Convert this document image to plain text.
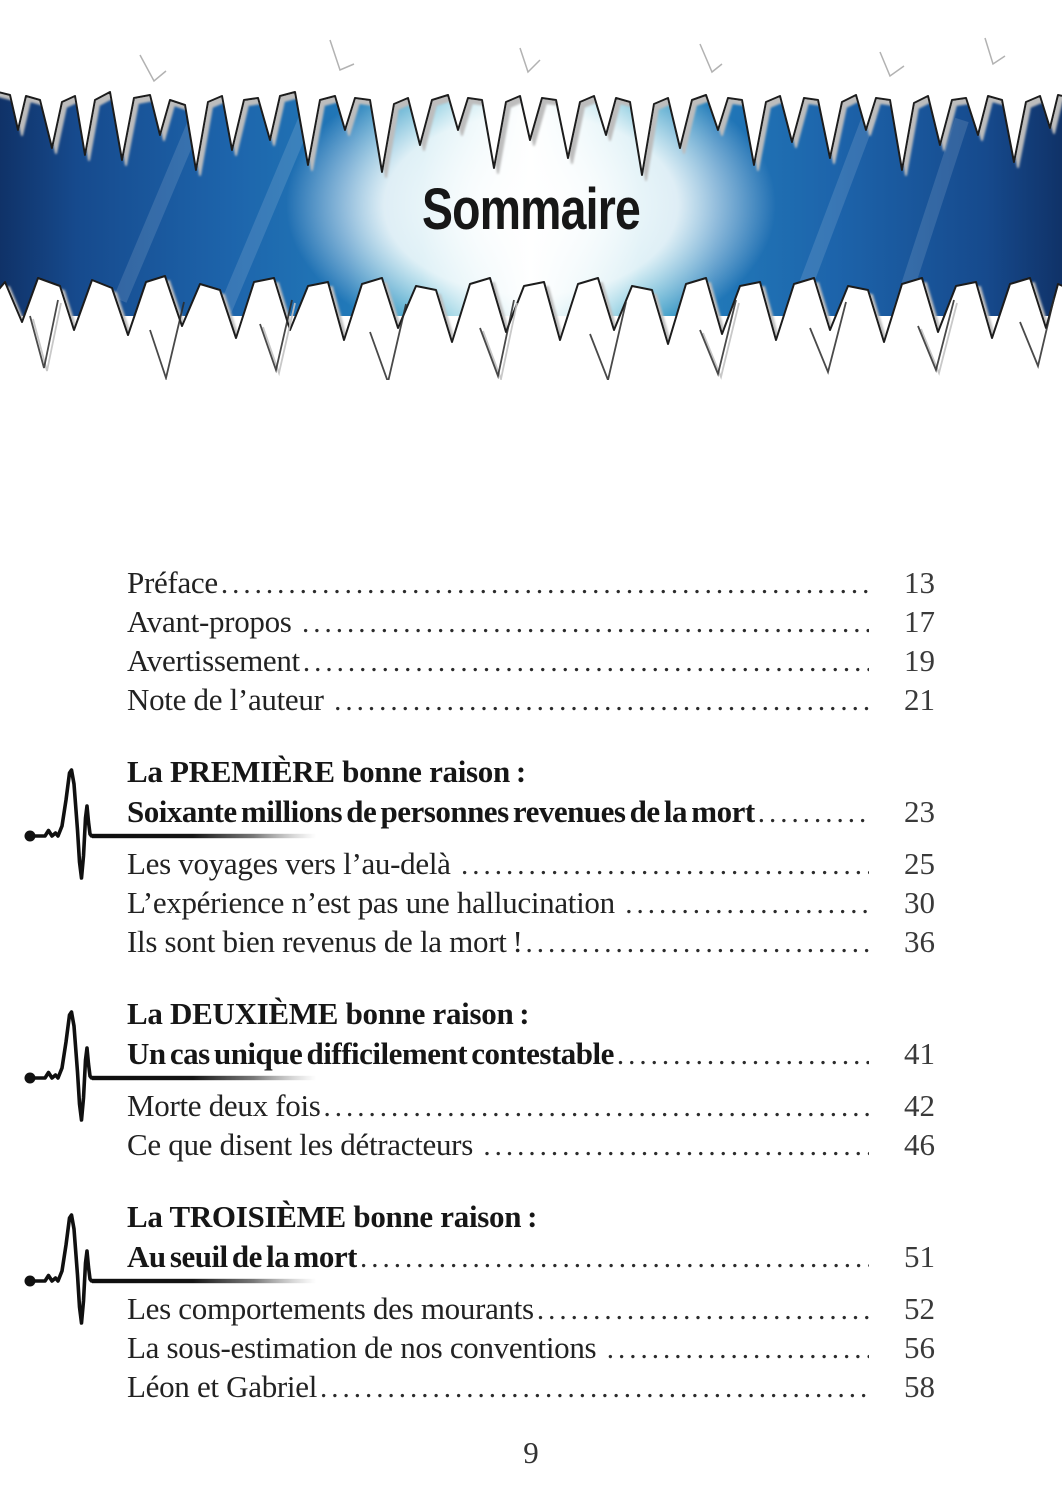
Sommaire
Préface .....	13
Avant-propos .....	17
Avertissement .....	19
Note de l’auteur .....	21
La PREMIÈRE bonne raison :
Soixante millions de personnes revenues de la mort .....	23
Les voyages vers l’au-delà .....	25
L’expérience n’est pas une hallucination .....	30
Ils sont bien revenus de la mort ! .....	36
La DEUXIÈME bonne raison :
Un cas unique difficilement contestable .....	41
Morte deux fois .....	42
Ce que disent les détracteurs .....	46
La TROISIÈME bonne raison :
Au seuil de la mort .....	51
Les comportements des mourants .....	52
La sous-estimation de nos conventions .....	56
Léon et Gabriel .....	58
9
